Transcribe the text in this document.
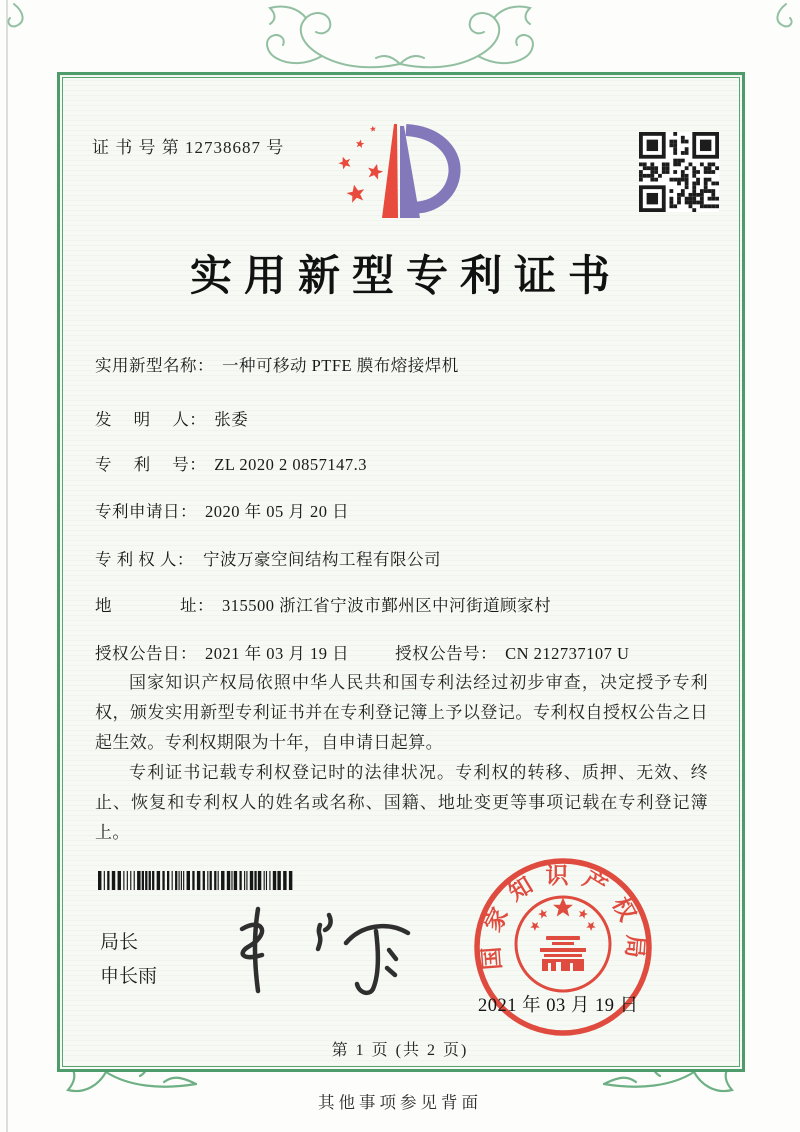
证 书 号 第 12738687 号
实用新型专利证书
实用新型名称： 一种可移动 PTFE 膜布熔接焊机
发　 明　 人： 张委
专　 利　 号： ZL 2020 2 0857147.3
专利申请日： 2020 年 05 月 20 日
专 利 权 人： 宁波万豪空间结构工程有限公司
地　　　　址： 315500 浙江省宁波市鄞州区中河街道顾家村
授权公告日： 2021 年 03 月 19 日	授权公告号： CN 212737107 U

国家知识产权局依照中华人民共和国专利法经过初步审查，决定授予专利权，颁发实用新型专利证书并在专利登记簿上予以登记。专利权自授权公告之日起生效。专利权期限为十年，自申请日起算。

专利证书记载专利权登记时的法律状况。专利权的转移、质押、无效、终止、恢复和专利权人的姓名或名称、国籍、地址变更等事项记载在专利登记簿上。

局长
申长雨
国家知识产权局
2021 年 03 月 19 日
第 1 页 (共 2 页)
其他事项参见背面
